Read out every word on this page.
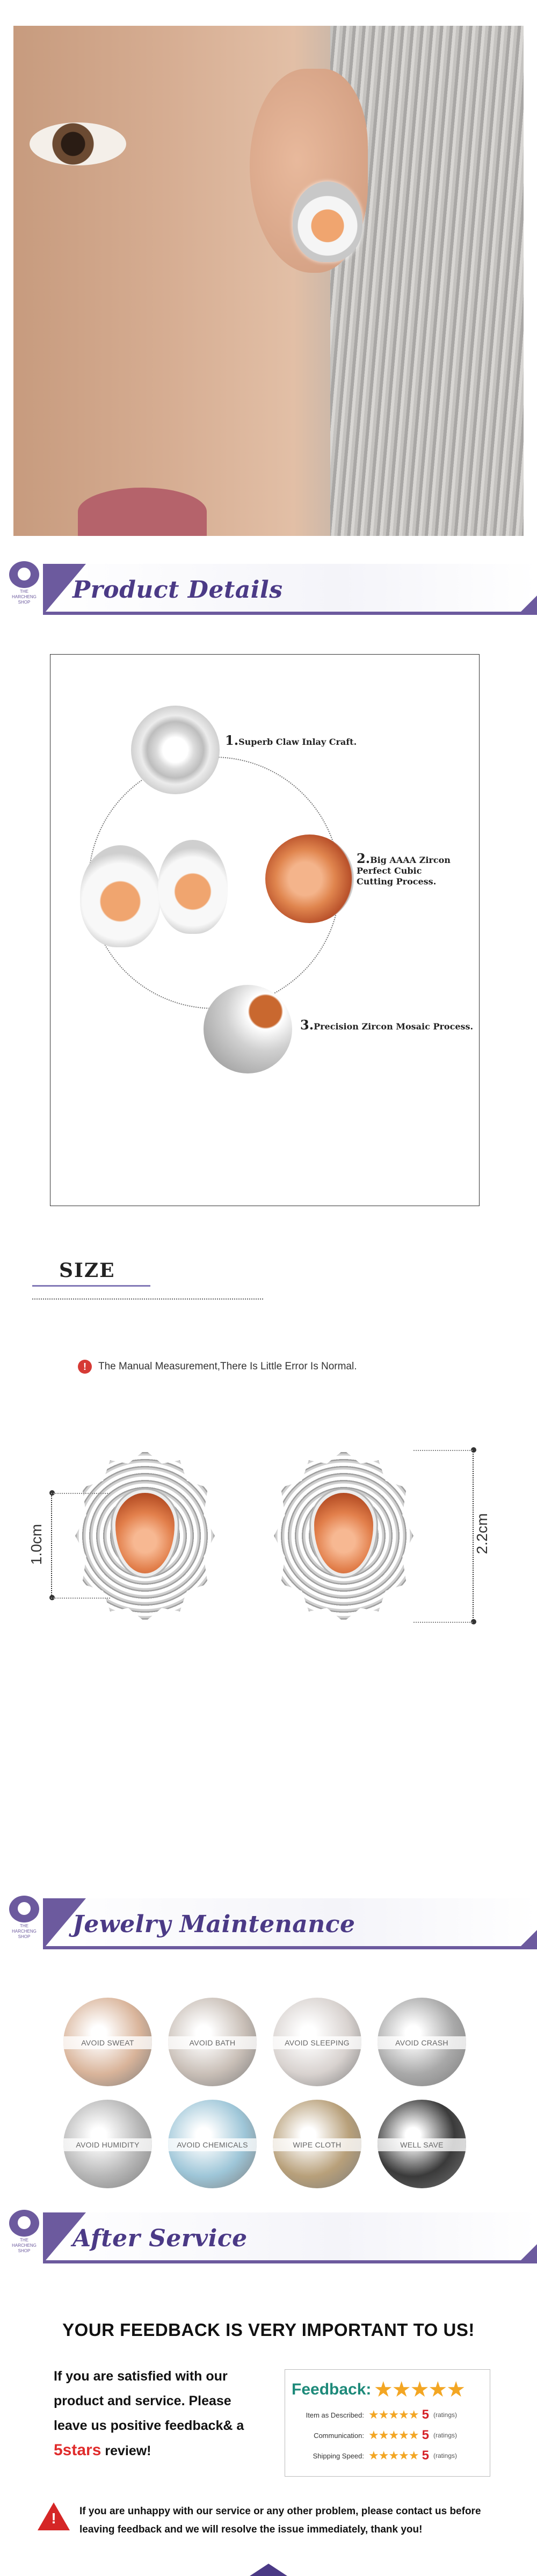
THE HARCHENG SHOP	Product Details
1.Superb Claw Inlay Craft.
2.Big AAAA Zircon Perfect Cubic Cutting Process.
3.Precision Zircon Mosaic Process.
SIZE
!	The Manual Measurement,There Is Little Error Is Normal.
1.0cm	2.2cm
THE HARCHENG SHOP	Jewelry Maintenance
AVOID SWEAT	AVOID BATH	AVOID SLEEPING	AVOID CRASH
AVOID HUMIDITY	AVOID CHEMICALS	WIPE CLOTH	WELL SAVE
THE HARCHENG SHOP	After Service
YOUR FEEDBACK IS VERY IMPORTANT TO US!
If you are satisfied with our product and service. Please leave us positive feedback& a
5stars review!
Feedback: ★★★★★
Item as Described: ★★★★★ 5 (ratings)
Communication: ★★★★★ 5 (ratings)
Shipping Speed: ★★★★★ 5 (ratings)
!	If you are unhappy with our service or any other problem, please contact us before leaving feedback and we will resolve the issue immediately, thank you!
